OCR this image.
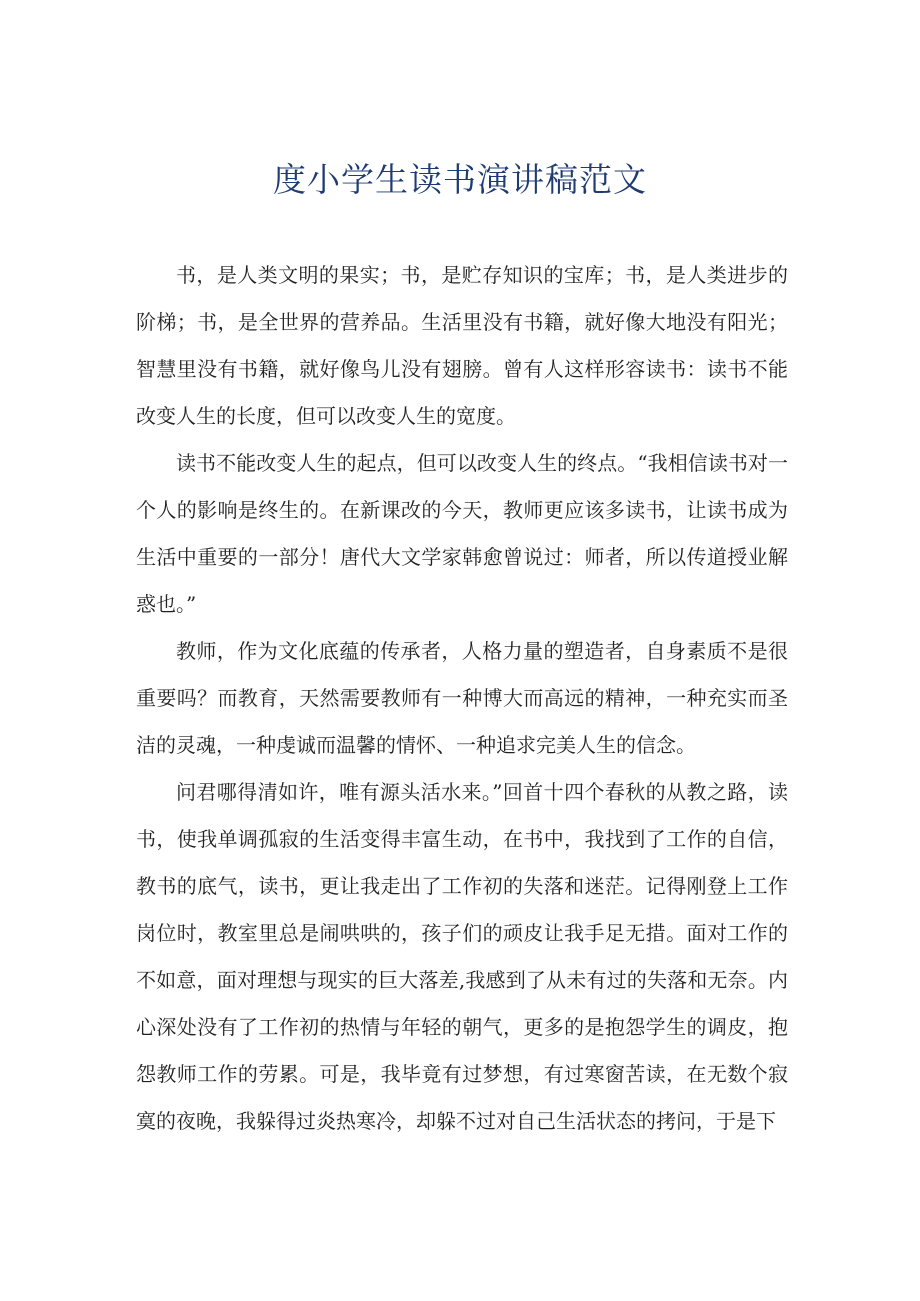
度小学生读书演讲稿范文

书，是人类文明的果实；书，是贮存知识的宝库；书，是人类进步的阶梯；书，是全世界的营养品。生活里没有书籍，就好像大地没有阳光；智慧里没有书籍，就好像鸟儿没有翅膀。曾有人这样形容读书：读书不能改变人生的长度，但可以改变人生的宽度。

读书不能改变人生的起点，但可以改变人生的终点。“我相信读书对一个人的影响是终生的。在新课改的今天，教师更应该多读书，让读书成为生活中重要的一部分！唐代大文学家韩愈曾说过：师者，所以传道授业解惑也。”

教师，作为文化底蕴的传承者，人格力量的塑造者，自身素质不是很重要吗？而教育，天然需要教师有一种博大而高远的精神，一种充实而圣洁的灵魂，一种虔诚而温馨的情怀、一种追求完美人生的信念。

问君哪得清如许，唯有源头活水来。”回首十四个春秋的从教之路，读书，使我单调孤寂的生活变得丰富生动，在书中，我找到了工作的自信，教书的底气，读书，更让我走出了工作初的失落和迷茫。记得刚登上工作岗位时，教室里总是闹哄哄的，孩子们的顽皮让我手足无措。面对工作的不如意，面对理想与现实的巨大落差,我感到了从未有过的失落和无奈。内心深处没有了工作初的热情与年轻的朝气，更多的是抱怨学生的调皮，抱怨教师工作的劳累。可是，我毕竟有过梦想，有过寒窗苦读，在无数个寂寞的夜晚，我躲得过炎热寒冷，却躲不过对自己生活状态的拷问，于是下
